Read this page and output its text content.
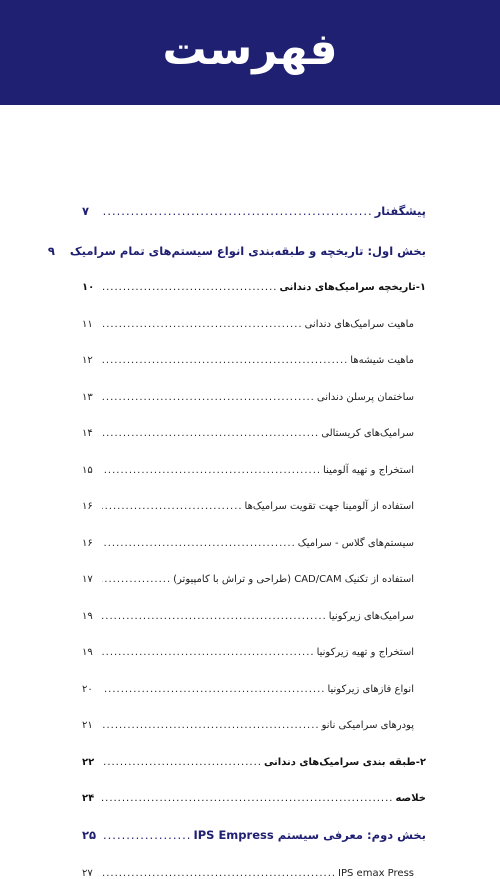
فهرست
پیشگفتار
.....
۷
بخش اول: تاریخچه و طبقه‌بندی انواع سیستم‌های تمام سرامیک
۹
۱-تاریخچه سرامیک‌های دندانی
.....
۱۰
ماهیت سرامیک‌های دندانی
.....
۱۱
ماهیت شیشه‌ها
.....
۱۲
ساختمان پرسلن دندانی
.....
۱۳
سرامیک‌های کریستالی
.....
۱۴
استخراج و تهیه آلومینا
.....
۱۵
استفاده از آلومینا جهت تقویت سرامیک‌ها
.....
۱۶
سیستم‌های گلاس - سرامیک
.....
۱۶
استفاده از تکنیک CAD/CAM (طراحی و تراش با کامپیوتر)
.....
۱۷
سرامیک‌های زیرکونیا
.....
۱۹
استخراج و تهیه زیرکونیا
.....
۱۹
انواع فازهای زیرکونیا
.....
۲۰
پودرهای سرامیکی نانو
.....
۲۱
۲-طبقه بندی سرامیک‌های دندانی
.....
۲۲
خلاصه
.....
۲۴
بخش دوم: معرفی سیستم IPS Empress
.....
۲۵
IPS emax Press
.....
۲۷
